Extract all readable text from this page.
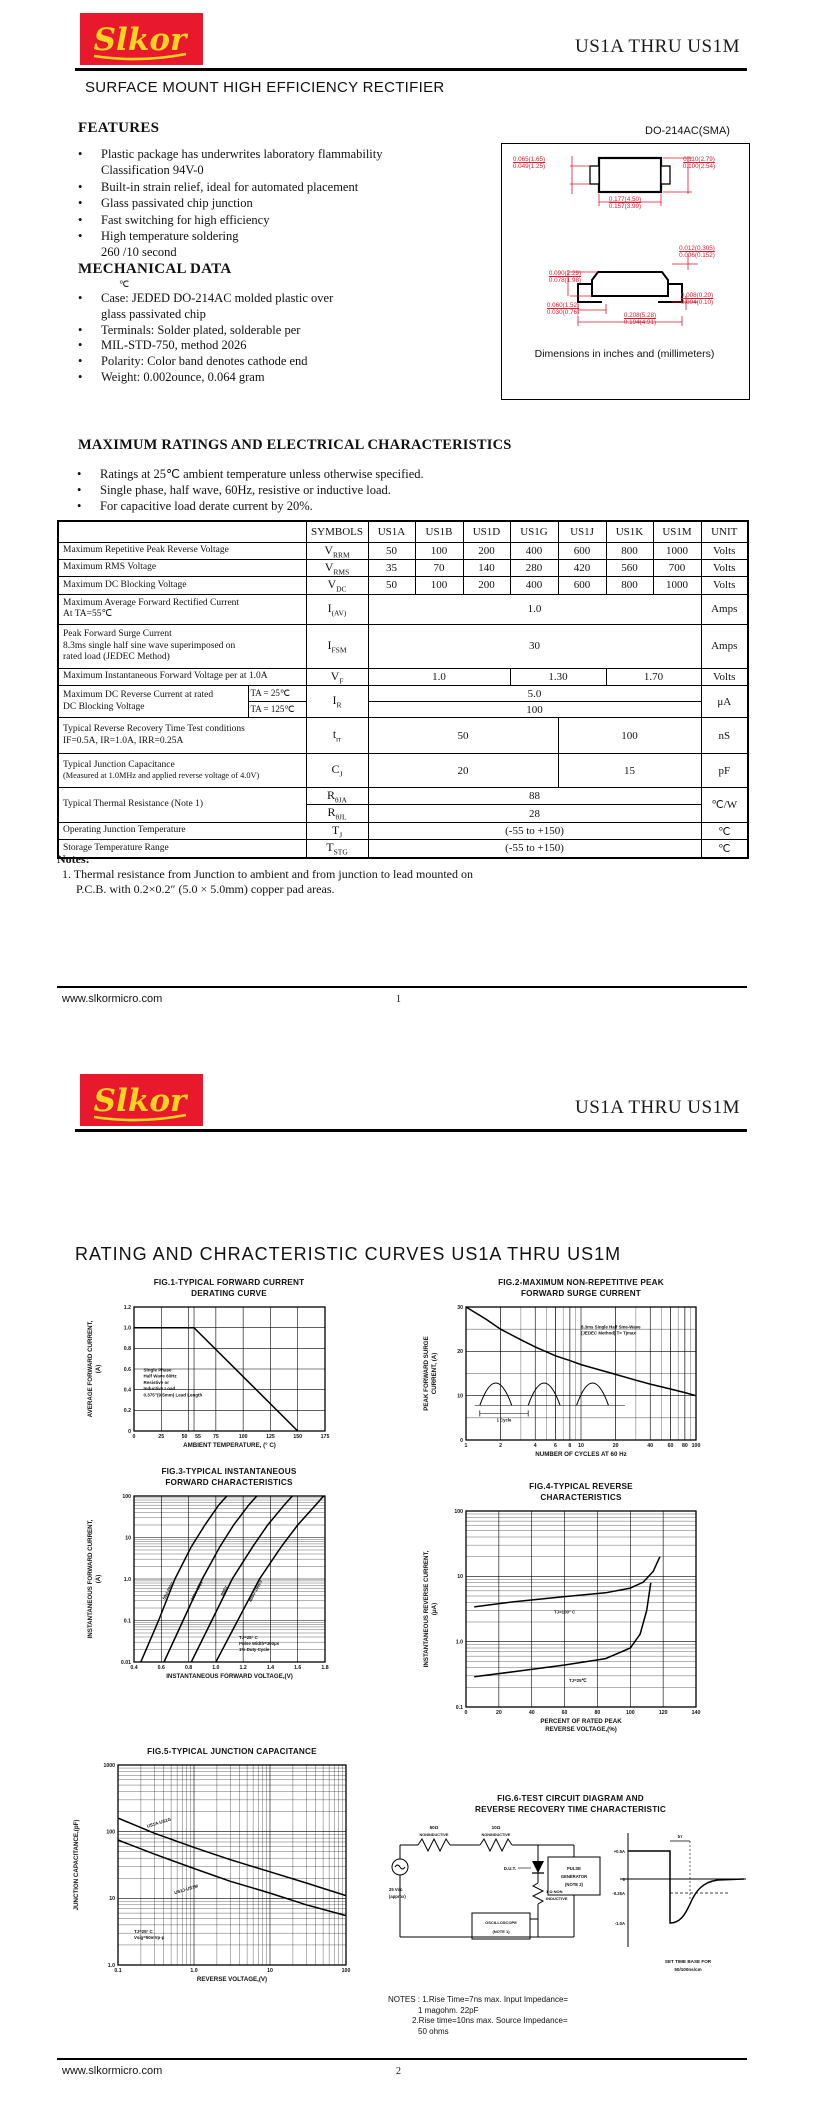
Slkor	US1A THRU US1M
SURFACE MOUNT HIGH EFFICIENCY RECTIFIER
FEATURES
• Plastic package has underwrites laboratory flammability
Classification 94V-0
• Built-in strain relief, ideal for automated placement
• Glass passivated chip junction
• Fast switching for high efficiency
• High temperature soldering
260 /10 second
MECHANICAL DATA
℃
• Case: JEDED DO-214AC molded plastic over
glass passivated chip
• Terminals: Solder plated, solderable per
• MIL-STD-750, method 2026
• Polarity: Color band denotes cathode end
• Weight: 0.002ounce, 0.064 gram
DO-214AC(SMA)
0.065(1.65)
0.049(1.25)
0.110(2.79)
0.100(2.54)
0.177(4.50)
0.157(3.99)
0.012(0.305)
0.006(0.152)
0.090(2.29)
0.078(1.98)
0.008(0.20)
0.004(0.10)
0.060(1.52)
0.030(0.76)	0.208(5.28)
0.194(4.91)
Dimensions in inches and (millimeters)
MAXIMUM RATINGS AND ELECTRICAL CHARACTERISTICS
• Ratings at 25℃ ambient temperature unless otherwise specified.
• Single phase, half wave, 60Hz, resistive or inductive load.
• For capacitive load derate current by 20%.
		SYMBOLS	US1A	US1B	US1D	US1G	US1J	US1K	US1M	UNIT
Maximum Repetitive Peak Reverse Voltage		$V_{RRM}$	50	100	200	400	600	800	1000	Volts
Maximum RMS Voltage		$V_{RMS}$	35	70	140	280	420	560	700	Volts
Maximum DC Blocking Voltage		$V_{DC}$	50	100	200	400	600	800	1000	Volts

Maximum Average Forward Rectified Current
At TA=55℃		$I_{(AV)}$	1.0							Amps

Peak Forward Surge Current
8.3ms single half sine wave superimposed on
rated load (JEDEC Method)		$I_{FSM}$	30							Amps
Maximum Instantaneous Forward Voltage per at 1.0A		$V_F$	1.0			1.30		1.70		Volts

Maximum DC Reverse Current at rated
DC Blocking Voltage	TA = 25℃	$I_R$	5.0							μA
	TA = 125℃		100							

Typical Reverse Recovery Time Test conditions
IF=0.5A, IR=1.0A, IRR=0.25A		$t_{rr}$	50				100			nS

Typical Junction Capacitance
(Measured at 1.0MHz and applied reverse voltage of 4.0V)		$C_J$	20				15			pF
Typical Thermal Resistance (Note 1)		$R_{\theta JA}$	88							℃/W
		$R_{\theta JL}$	28							
Operating Junction Temperature		$T_J$	(-55 to +150)							℃
Storage Temperature Range		$T_{STG}$	(-55 to +150)							℃
Notes:
1. Thermal resistance from Junction to ambient and from junction to lead mounted on
P.C.B. with 0.2×0.2″ (5.0 × 5.0mm) copper pad areas.
www.slkormicro.com	1
Slkor	US1A THRU US1M
RATING AND CHRACTERISTIC CURVES US1A THRU US1M
FIG.1-TYPICAL FORWARD CURRENT
DERATING CURVE
0	25	50 55 75	100	125	150	175
0
0.2
0.4
0.6
0.8
1.0
1.2
AMBIENT TEMPERATURE, (° C)
AVERAGE FORWARD CURRENT, (A)	Single Phase
Half Wave 60Hz
Resistive or
Inductive Load
0.375"(9.5mm) Lead Length
FIG.2-MAXIMUM NON-REPETITIVE PEAK
FORWARD SURGE CURRENT
1	2	4	6 8 10	20	40	60 80 100
0
10
20
30
NUMBER OF CYCLES AT 60 Hz
PEAK FORWARD SURGE CURRENT, (A)
8.3ms Single Half Sine-Wave
(JEDEC Method) T= Tjmax
1 Cycle
FIG.3-TYPICAL INSTANTANEOUS
FORWARD CHARACTERISTICS
0.4	0.6	0.8	1.0	1.2	1.4	1.6	1.8
100
10
1.0
0.1
0.01
INSTANTANEOUS FORWARD VOLTAGE,(V)
INSTANTANEOUS FORWARD CURRENT, (A)
50V-200V	300V-400V	600V	800V-1000V
TJ=25° C
Pulse Width=300μs
1% Duty Cycle
FIG.4-TYPICAL REVERSE
CHARACTERISTICS
0	20	40	60	80	100	120	140
100
10
1.0
0.1
PERCENT OF RATED PEAK
REVERSE VOLTAGE,(%)
INSTANTANEOUS REVERSE CURRENT, (μA)	TJ=100° C
TJ=25℃
FIG.5-TYPICAL JUNCTION CAPACITANCE
0.1	1.0	10	100
1000
100
10
1.0
REVERSE VOLTAGE,(V)
JUNCTION CAPACITANCE,(pF)	US1A-US1G
US1J-US1M
TJ=25° C
Vsig=50mVp-p
FIG.6-TEST CIRCUIT DIAGRAM AND
REVERSE RECOVERY TIME CHARACTERISTIC
50Ω
NONINDUCTIVE
10Ω
NONINDUCTIVE
25 Vdc
(approx)
D.U.T.	PULSE
GENERATOR
(NOTE 2)
OSCILLOSCOPE
(NOTE 1)
1 Ω NON
INDUCTIVE
+0.5A
0
-0.25A
-1.0A
trr
SET TIME BASE FOR
50/100ns/cm
NOTES : 1.Rise Time=7ns max. Input Impedance=
1 magohm. 22pF
2.Rise time=10ns max. Source Impedance=
50 ohms
www.slkormicro.com	2
